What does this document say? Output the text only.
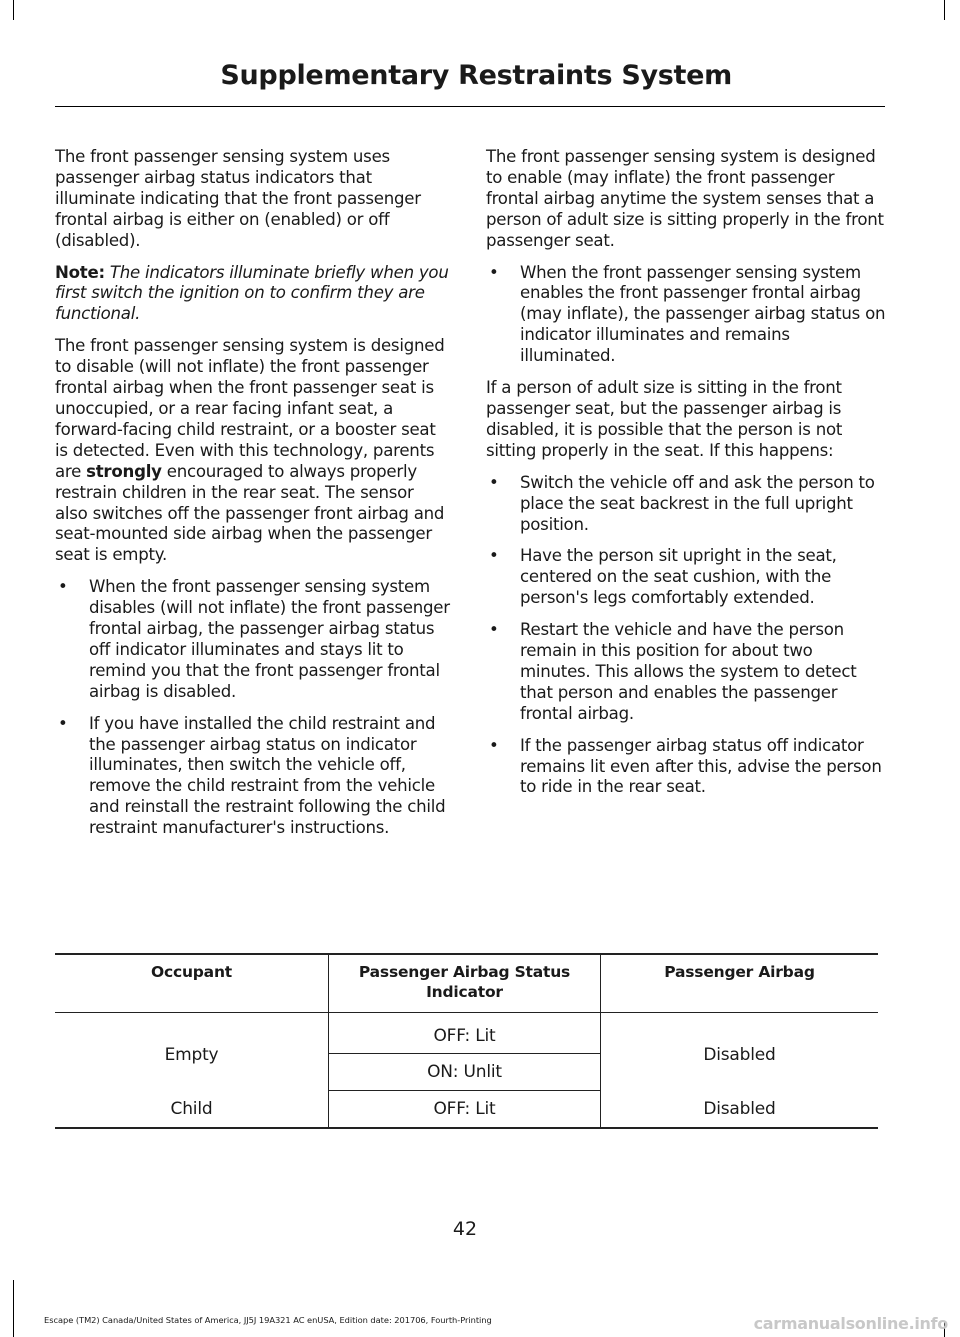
Supplementary Restraints System

The front passenger sensing system uses passenger airbag status indicators that illuminate indicating that the front passenger frontal airbag is either on (enabled) or off (disabled).

Note: The indicators illuminate briefly when you first switch the ignition on to confirm they are functional.

The front passenger sensing system is designed to disable (will not inflate) the front passenger frontal airbag when the front passenger seat is unoccupied, or a rear facing infant seat, a forward-facing child restraint, or a booster seat is detected. Even with this technology, parents are strongly encouraged to always properly restrain children in the rear seat. The sensor also switches off the passenger front airbag and seat-mounted side airbag when the passenger seat is empty.

• When the front passenger sensing system disables (will not inflate) the front passenger frontal airbag, the passenger airbag status off indicator illuminates and stays lit to remind you that the front passenger frontal airbag is disabled.
• If you have installed the child restraint and the passenger airbag status on indicator illuminates, then switch the vehicle off, remove the child restraint from the vehicle and reinstall the restraint following the child restraint manufacturer's instructions.

The front passenger sensing system is designed to enable (may inflate) the front passenger frontal airbag anytime the system senses that a person of adult size is sitting properly in the front passenger seat.

• When the front passenger sensing system enables the front passenger frontal airbag (may inflate), the passenger airbag status on indicator illuminates and remains illuminated.

If a person of adult size is sitting in the front passenger seat, but the passenger airbag is disabled, it is possible that the person is not sitting properly in the seat. If this happens:

• Switch the vehicle off and ask the person to place the seat backrest in the full upright position.
• Have the person sit upright in the seat, centered on the seat cushion, with the person's legs comfortably extended.
• Restart the vehicle and have the person remain in this position for about two minutes. This allows the system to detect that person and enables the passenger frontal airbag.
• If the passenger airbag status off indicator remains lit even after this, advise the person to ride in the rear seat.
Occupant	Passenger Airbag Status Indicator	Passenger Airbag

Empty	OFF: Lit	Disabled
	ON: Unlit	
Child	OFF: Lit	Disabled
42
Escape (TM2) Canada/United States of America, JJ5J 19A321 AC enUSA, Edition date: 201706, Fourth-Printing	carmanualsonline.info
